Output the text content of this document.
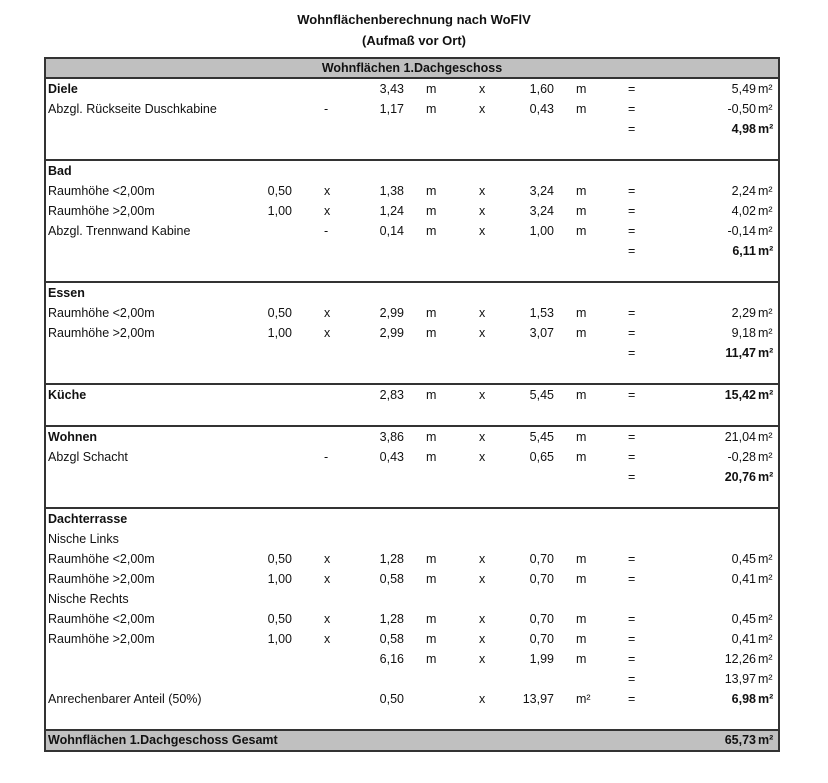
Wohnflächenberechnung nach WoFlV
(Aufmaß vor Ort)
Wohnflächen 1.Dachgeschoss
Diele	3,43 m	x	1,60 m	=	5,49 m²
Abzgl. Rückseite Duschkabine	-	1,17 m	x	0,43 m	=	-0,50 m²
=	4,98 m²
Bad
Raumhöhe <2,00m	0,50	x	1,38 m	x	3,24 m	=	2,24 m²
Raumhöhe >2,00m	1,00	x	1,24 m	x	3,24 m	=	4,02 m²
Abzgl. Trennwand Kabine	-	0,14 m	x	1,00 m	=	-0,14 m²
=	6,11 m²
Essen
Raumhöhe <2,00m	0,50	x	2,99 m	x	1,53 m	=	2,29 m²
Raumhöhe >2,00m	1,00	x	2,99 m	x	3,07 m	=	9,18 m²
=	11,47 m²
Küche	2,83 m	x	5,45 m	=	15,42 m²
Wohnen	3,86 m	x	5,45 m	=	21,04 m²
Abzgl Schacht	-	0,43 m	x	0,65 m	=	-0,28 m²
=	20,76 m²
Dachterrasse
Nische Links
Raumhöhe <2,00m	0,50	x	1,28 m	x	0,70 m	=	0,45 m²
Raumhöhe >2,00m	1,00	x	0,58 m	x	0,70 m	=	0,41 m²
Nische Rechts
Raumhöhe <2,00m	0,50	x	1,28 m	x	0,70 m	=	0,45 m²
Raumhöhe >2,00m	1,00	x	0,58 m	x	0,70 m	=	0,41 m²
6,16 m	x	1,99 m	=	12,26 m²
=	13,97 m²
Anrechenbarer Anteil (50%)	0,50	x	13,97 m²	=	6,98 m²
Wohnflächen 1.Dachgeschoss Gesamt	65,73 m²
